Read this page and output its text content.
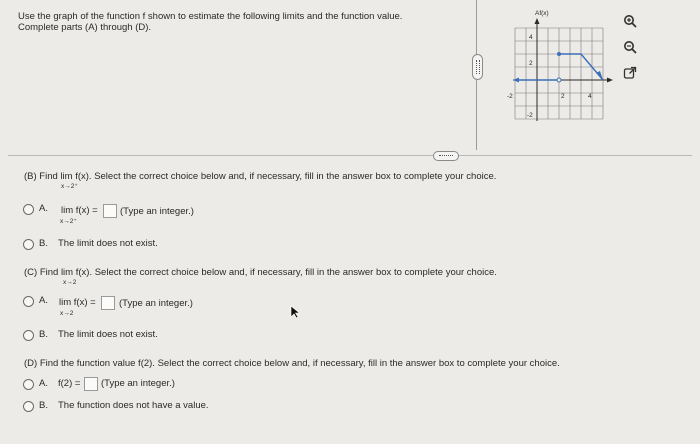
Use the graph of the function f shown to estimate the following limits and the function value.
Complete parts (A) through (D).
Af(x)
4
2
-2
-2	2	4
(B) Find lim f(x). Select the correct choice below and, if necessary, fill in the answer box to complete your choice.
x→2⁺
A. lim f(x) =
x→2⁺
(Type an integer.)
B. The limit does not exist.
(C) Find lim f(x). Select the correct choice below and, if necessary, fill in the answer box to complete your choice.
x→2
A. lim f(x) =
x→2
(Type an integer.)
B. The limit does not exist.
(D) Find the function value f(2). Select the correct choice below and, if necessary, fill in the answer box to complete your choice.
A. f(2) = (Type an integer.)
B. The function does not have a value.
